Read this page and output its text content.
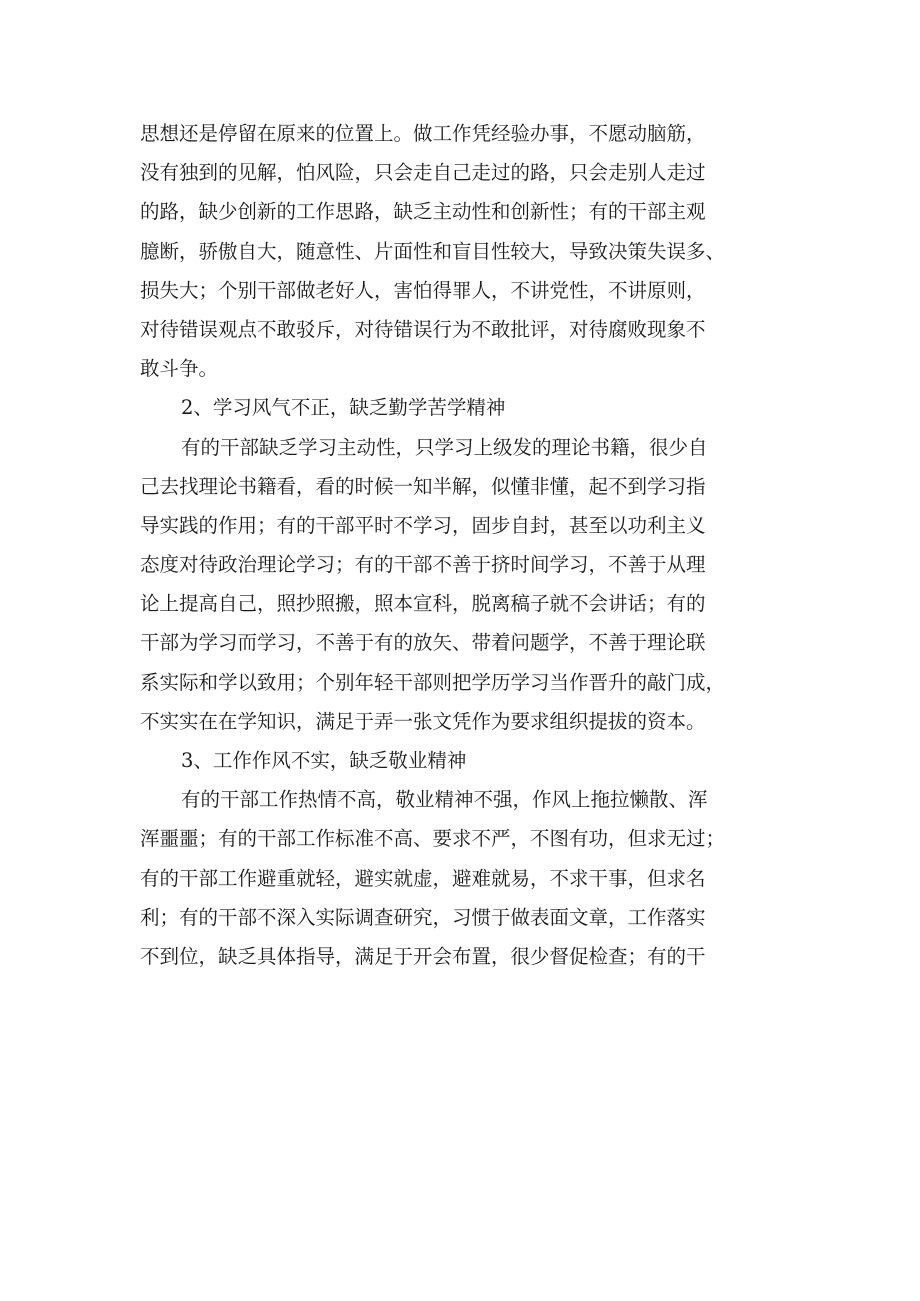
思想还是停留在原来的位置上。做工作凭经验办事，不愿动脑筋，

没有独到的见解，怕风险，只会走自己走过的路，只会走别人走过

的路，缺少创新的工作思路，缺乏主动性和创新性；有的干部主观

臆断，骄傲自大，随意性、片面性和盲目性较大，导致决策失误多、

损失大；个别干部做老好人，害怕得罪人，不讲党性，不讲原则，

对待错误观点不敢驳斥，对待错误行为不敢批评，对待腐败现象不

敢斗争。

2、学习风气不正，缺乏勤学苦学精神

有的干部缺乏学习主动性，只学习上级发的理论书籍，很少自

己去找理论书籍看，看的时候一知半解，似懂非懂，起不到学习指

导实践的作用；有的干部平时不学习，固步自封，甚至以功利主义

态度对待政治理论学习；有的干部不善于挤时间学习，不善于从理

论上提高自己，照抄照搬，照本宣科，脱离稿子就不会讲话；有的

干部为学习而学习，不善于有的放矢、带着问题学，不善于理论联

系实际和学以致用；个别年轻干部则把学历学习当作晋升的敲门成，

不实实在在学知识，满足于弄一张文凭作为要求组织提拔的资本。

3、工作作风不实，缺乏敬业精神

有的干部工作热情不高，敬业精神不强，作风上拖拉懒散、浑

浑噩噩；有的干部工作标准不高、要求不严，不图有功，但求无过；

有的干部工作避重就轻，避实就虚，避难就易，不求干事，但求名

利；有的干部不深入实际调查研究，习惯于做表面文章，工作落实

不到位，缺乏具体指导，满足于开会布置，很少督促检查；有的干
